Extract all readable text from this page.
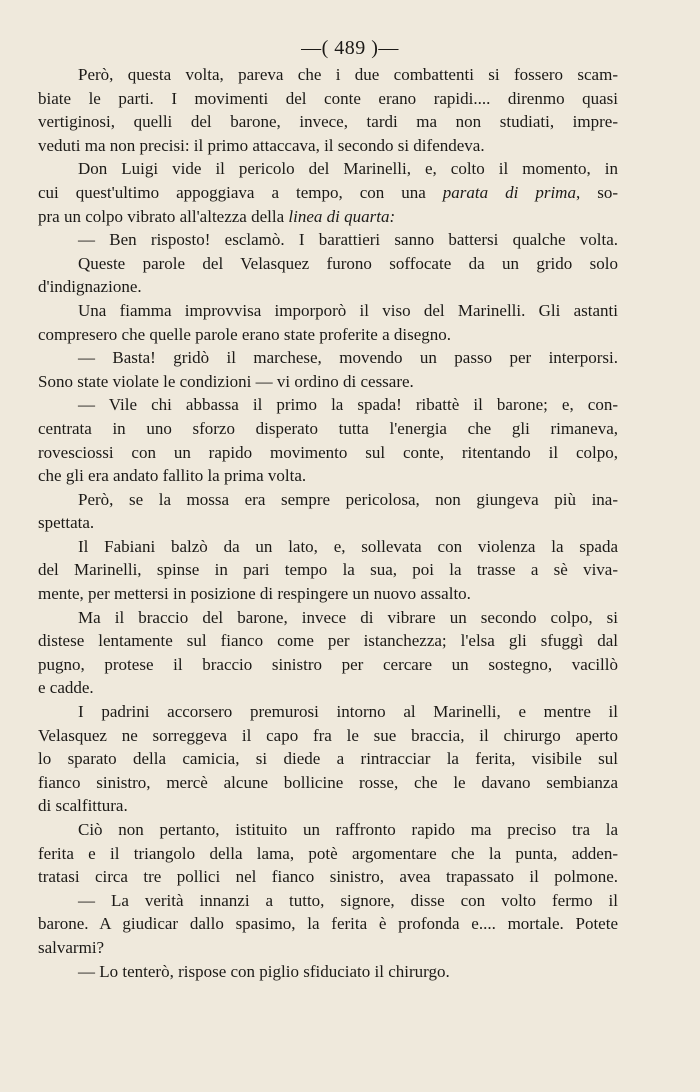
—( 489 )—
Però, questa volta, pareva che i due combattenti si fossero scam-
biate le parti. I movimenti del conte erano rapidi.... direnmo quasi
vertiginosi, quelli del barone, invece, tardi ma non studiati, impre-
veduti ma non precisi: il primo attaccava, il secondo si difendeva.
Don Luigi vide il pericolo del Marinelli, e, colto il momento, in
cui quest'ultimo appoggiava a tempo, con una parata di prima, so-
pra un colpo vibrato all'altezza della linea di quarta:
— Ben risposto! esclamò. I barattieri sanno battersi qualche volta.
Queste parole del Velasquez furono soffocate da un grido solo
d'indignazione.
Una fiamma improvvisa imporporò il viso del Marinelli. Gli astanti
compresero che quelle parole erano state proferite a disegno.
— Basta! gridò il marchese, movendo un passo per interporsi.
Sono state violate le condizioni — vi ordino di cessare.
— Vile chi abbassa il primo la spada! ribattè il barone; e, con-
centrata in uno sforzo disperato tutta l'energia che gli rimaneva,
rovesciossi con un rapido movimento sul conte, ritentando il colpo,
che gli era andato fallito la prima volta.
Però, se la mossa era sempre pericolosa, non giungeva più ina-
spettata.
Il Fabiani balzò da un lato, e, sollevata con violenza la spada
del Marinelli, spinse in pari tempo la sua, poi la trasse a sè viva-
mente, per mettersi in posizione di respingere un nuovo assalto.
Ma il braccio del barone, invece di vibrare un secondo colpo, si
distese lentamente sul fianco come per istanchezza; l'elsa gli sfuggì dal
pugno, protese il braccio sinistro per cercare un sostegno, vacillò
e cadde.
I padrini accorsero premurosi intorno al Marinelli, e mentre il
Velasquez ne sorreggeva il capo fra le sue braccia, il chirurgo aperto
lo sparato della camicia, si diede a rintracciar la ferita, visibile sul
fianco sinistro, mercè alcune bollicine rosse, che le davano sembianza
di scalfittura.
Ciò non pertanto, istituito un raffronto rapido ma preciso tra la
ferita e il triangolo della lama, potè argomentare che la punta, adden-
tratasi circa tre pollici nel fianco sinistro, avea trapassato il polmone.
— La verità innanzi a tutto, signore, disse con volto fermo il
barone. A giudicar dallo spasimo, la ferita è profonda e.... mortale. Potete
salvarmi?
— Lo tenterò, rispose con piglio sfiduciato il chirurgo.
